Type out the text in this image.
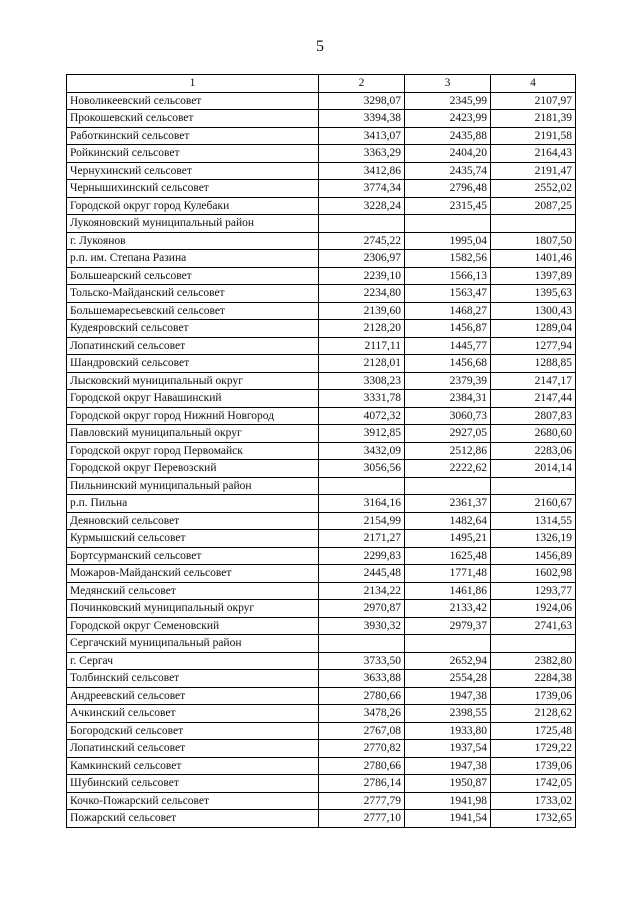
5
1	2	3	4
Новоликеевский сельсовет	3298,07	2345,99	2107,97
Прокошевский сельсовет	3394,38	2423,99	2181,39
Работкинский сельсовет	3413,07	2435,88	2191,58
Ройкинский сельсовет	3363,29	2404,20	2164,43
Чернухинский сельсовет	3412,86	2435,74	2191,47
Чернышихинский сельсовет	3774,34	2796,48	2552,02
Городской округ город Кулебаки	3228,24	2315,45	2087,25
Лукояновский муниципальный район			
г. Лукоянов	2745,22	1995,04	1807,50
р.п. им. Степана Разина	2306,97	1582,56	1401,46
Большеарский сельсовет	2239,10	1566,13	1397,89
Тольско-Майданский сельсовет	2234,80	1563,47	1395,63
Большемаресьевский сельсовет	2139,60	1468,27	1300,43
Кудеяровский сельсовет	2128,20	1456,87	1289,04
Лопатинский сельсовет	2117,11	1445,77	1277,94
Шандровский сельсовет	2128,01	1456,68	1288,85
Лысковский муниципальный округ	3308,23	2379,39	2147,17
Городской округ Навашинский	3331,78	2384,31	2147,44
Городской округ город Нижний Новгород	4072,32	3060,73	2807,83
Павловский муниципальный округ	3912,85	2927,05	2680,60
Городской округ город Первомайск	3432,09	2512,86	2283,06
Городской округ Перевозский	3056,56	2222,62	2014,14
Пильнинский муниципальный район			
р.п. Пильна	3164,16	2361,37	2160,67
Деяновский сельсовет	2154,99	1482,64	1314,55
Курмышский сельсовет	2171,27	1495,21	1326,19
Бортсурманский сельсовет	2299,83	1625,48	1456,89
Можаров-Майданский сельсовет	2445,48	1771,48	1602,98
Медянский сельсовет	2134,22	1461,86	1293,77
Починковский муниципальный округ	2970,87	2133,42	1924,06
Городской округ Семеновский	3930,32	2979,37	2741,63
Сергачский муниципальный район			
г. Сергач	3733,50	2652,94	2382,80
Толбинский сельсовет	3633,88	2554,28	2284,38
Андреевский сельсовет	2780,66	1947,38	1739,06
Ачкинский сельсовет	3478,26	2398,55	2128,62
Богородский сельсовет	2767,08	1933,80	1725,48
Лопатинский сельсовет	2770,82	1937,54	1729,22
Камкинский сельсовет	2780,66	1947,38	1739,06
Шубинский сельсовет	2786,14	1950,87	1742,05
Кочко-Пожарский сельсовет	2777,79	1941,98	1733,02
Пожарский сельсовет	2777,10	1941,54	1732,65
